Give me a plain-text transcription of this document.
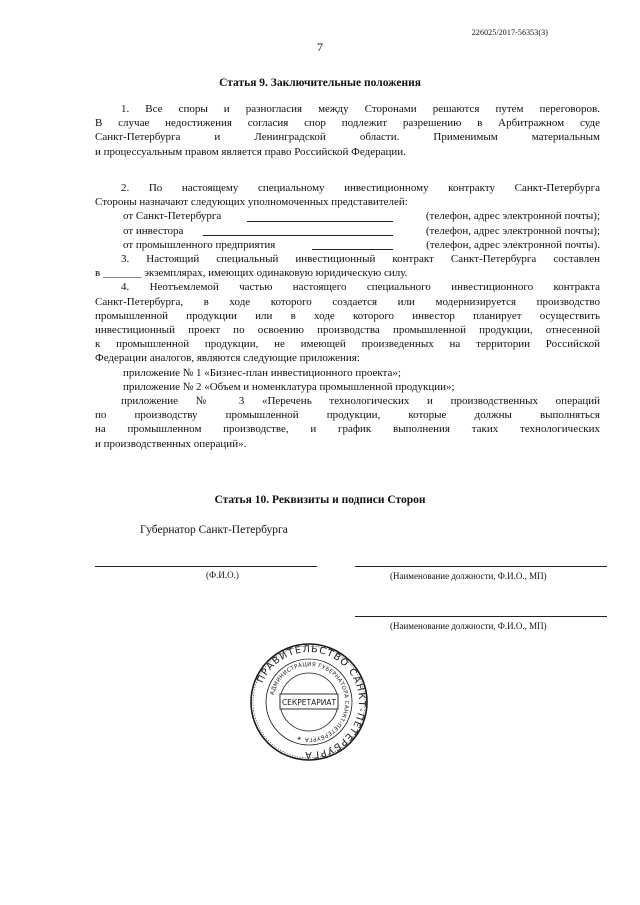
226025/2017-56353(3)
7
Статья 9. Заключительные положения
1. Все споры и разногласия между Сторонами решаются путем переговоров.
В случае недостижения согласия спор подлежит разрешению в Арбитражном суде
Санкт-Петербурга и Ленинградской области. Применимым материальным
и процессуальным правом является право Российской Федерации.
2. По настоящему специальному инвестиционному контракту Санкт-Петербурга
Стороны назначают следующих уполномоченных представителей:
от Санкт-Петербурга	(телефон, адрес электронной почты);
от инвестора	(телефон, адрес электронной почты);
от промышленного предприятия	(телефон, адрес электронной почты).
3. Настоящий специальный инвестиционный контракт Санкт-Петербурга составлен
в _______ экземплярах, имеющих одинаковую юридическую силу.
4. Неотъемлемой частью настоящего специального инвестиционного контракта
Санкт-Петербурга, в ходе которого создается или модернизируется производство
промышленной продукции или в ходе которого инвестор планирует осуществить
инвестиционный проект по освоению производства промышленной продукции, отнесенной
к промышленной продукции, не имеющей произведенных на территории Российской
Федерации аналогов, являются следующие приложения:
приложение № 1 «Бизнес-план инвестиционного проекта»;
приложение № 2 «Объем и номенклатура промышленной продукции»;
приложение № 3 «Перечень технологических и производственных операций
по производству промышленной продукции, которые должны выполняться
на промышленном производстве, и график выполнения таких технологических
и производственных операций».
Статья 10. Реквизиты и подписи Сторон
Губернатор Санкт-Петербурга
(Ф.И.О.)	(Наименование должности, Ф.И.О., МП)
(Наименование должности, Ф.И.О., МП)
ПРАВИТЕЛЬСТВО САНКТ-ПЕТЕРБУРГА
АДМИНИСТРАЦИЯ ГУБЕРНАТОРА САНКТ-ПЕТЕРБУРГА
СЕКРЕТАРИАТ
★
